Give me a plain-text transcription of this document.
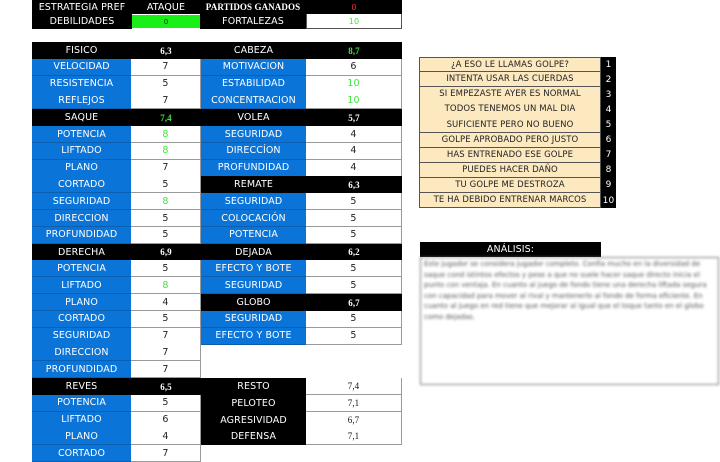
ESTRATEGIA PREF	ATAQUE	PARTIDOS GANADOS	0
DEBILIDADES	0	FORTALEZAS	10
FISICO	6,3
VELOCIDAD	7
RESISTENCIA	5
REFLEJOS	7
SAQUE	7,4
POTENCIA	8
LIFTADO	8
PLANO	7
CORTADO	5
SEGURIDAD	8
DIRECCION	5
PROFUNDIDAD	5
DERECHA	6,9
POTENCIA	5
LIFTADO	8
PLANO	4
CORTADO	5
SEGURIDAD	7
DIRECCION	7
PROFUNDIDAD	7
REVES	6,5
POTENCIA	5
LIFTADO	6
PLANO	4
CORTADO	7
CABEZA	8,7
MOTIVACION	6
ESTABILIDAD	10
CONCENTRACION	10
VOLEA	5,7
SEGURIDAD	4
DIRECCÍON	4
PROFUNDIDAD	4
REMATE	6,3
SEGURIDAD	5
COLOCACIÓN	5
POTENCIA	5
DEJADA	6,2
EFECTO Y BOTE	5
SEGURIDAD	5
GLOBO	6,7
SEGURIDAD	5
EFECTO Y BOTE	5
RESTO	7,4
PELOTEO	7,1
AGRESIVIDAD	6,7
DEFENSA	7,1
¿A ESO LE LLAMAS GOLPE?	1
INTENTA USAR LAS CUERDAS	2
SI EMPEZASTE AYER ES NORMAL	3
TODOS TENEMOS UN MAL DIA	4
SUFICIENTE PERO NO BUENO	5
GOLPE APROBADO PERO JUSTO	6
HAS ENTRENADO ESE GOLPE	7
PUEDES HACER DAÑO	8
TU GOLPE ME DESTROZA	9
TE HA DEBIDO ENTRENAR MARCOS	10
ANÁLISIS:
Este jugador se considera jugador completo. Confía mucho en la diversidad de saque cond istintos efectos y pese a que no suele hacer saque directo inicia el punto con ventaja. En cuanto al juego de fondo tiene una derecha liftada segura con capacidad para mover al rival y mantenerlo al fondo de forma eficiente. En cuanto al juego en red tiene que mejorar al igual que el toque tanto en el globo como dejadas.
